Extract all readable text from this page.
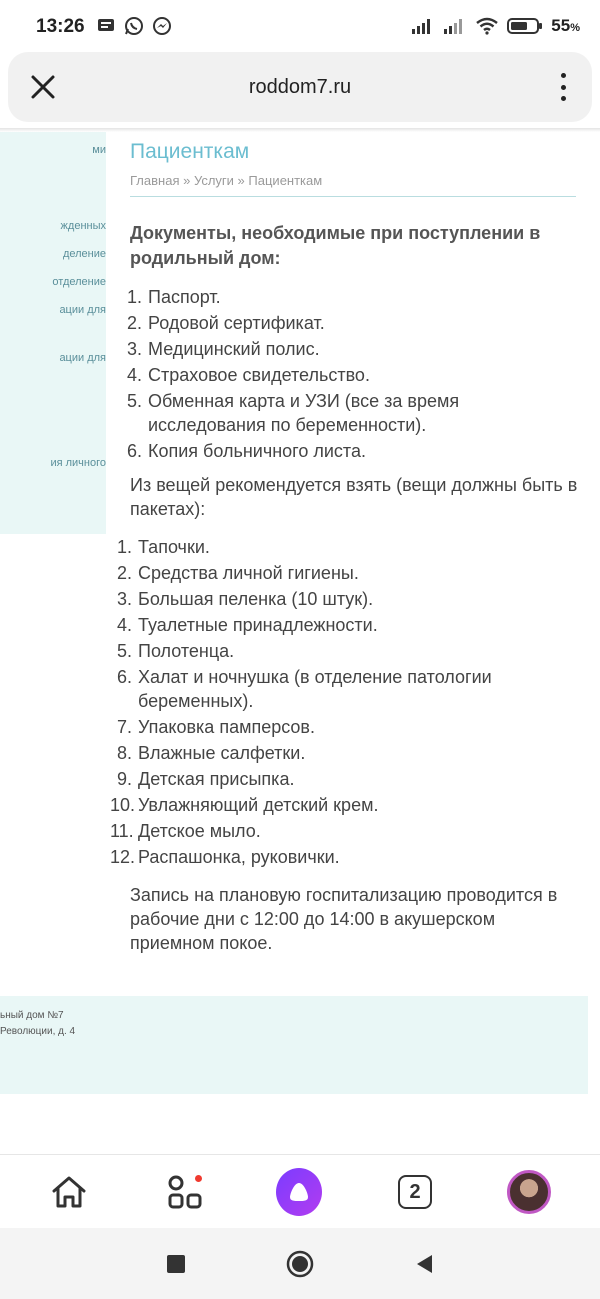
13:26	55%
roddom7.ru
ми
жденных
деление
отделение
ации для
ации для
ия личного
Пациенткам
Главная » Услуги » Пациенткам
Документы, необходимые при поступлении в родильный дом:
1. Паспорт.
2. Родовой сертификат.
3. Медицинский полис.
4. Страховое свидетельство.
5. Обменная карта и УЗИ (все за время исследования по беременности).
6. Копия больничного листа.
Из вещей рекомендуется взять (вещи должны быть в пакетах):
1. Тапочки.
2. Средства личной гигиены.
3. Большая пеленка (10 штук).
4. Туалетные принадлежности.
5. Полотенца.
6. Халат и ночнушка (в отделение патологии беременных).
7. Упаковка памперсов.
8. Влажные салфетки.
9. Детская присыпка.
10. Увлажняющий детский крем.
11. Детское мыло.
12. Распашонка, руковички.
Запись на плановую госпитализацию проводится в рабочие дни с 12:00 до 14:00 в акушерском приемном покое.
ьный дом №7
Революции, д. 4
2
